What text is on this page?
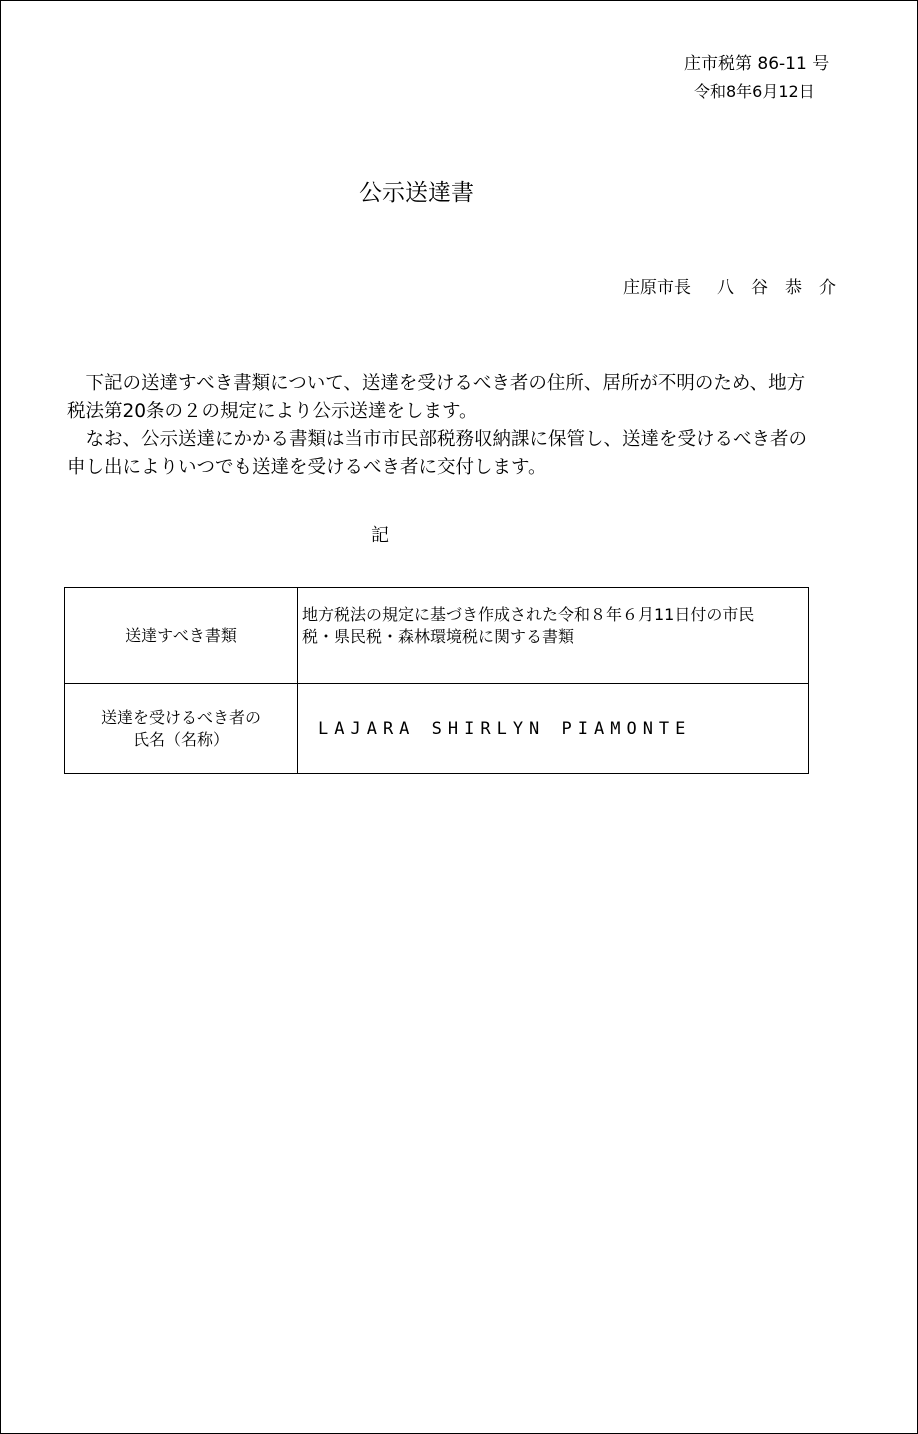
庄市税第 86-11 号
令和8年6月12日
公示送達書
庄原市長 八　谷　恭　介

下記の送達すべき書類について、送達を受けるべき者の住所、居所が不明のため、地方税法第20条の２の規定により公示送達をします。

なお、公示送達にかかる書類は当市市民部税務収納課に保管し、送達を受けるべき者の申し出によりいつでも送達を受けるべき者に交付します。

記
送達すべき書類	地方税法の規定に基づき作成された令和８年６月11日付の市民
税・県民税・森林環境税に関する書類

送達を受けるべき者の
氏名（名称）	LAJARA SHIRLYN PIAMONTE
